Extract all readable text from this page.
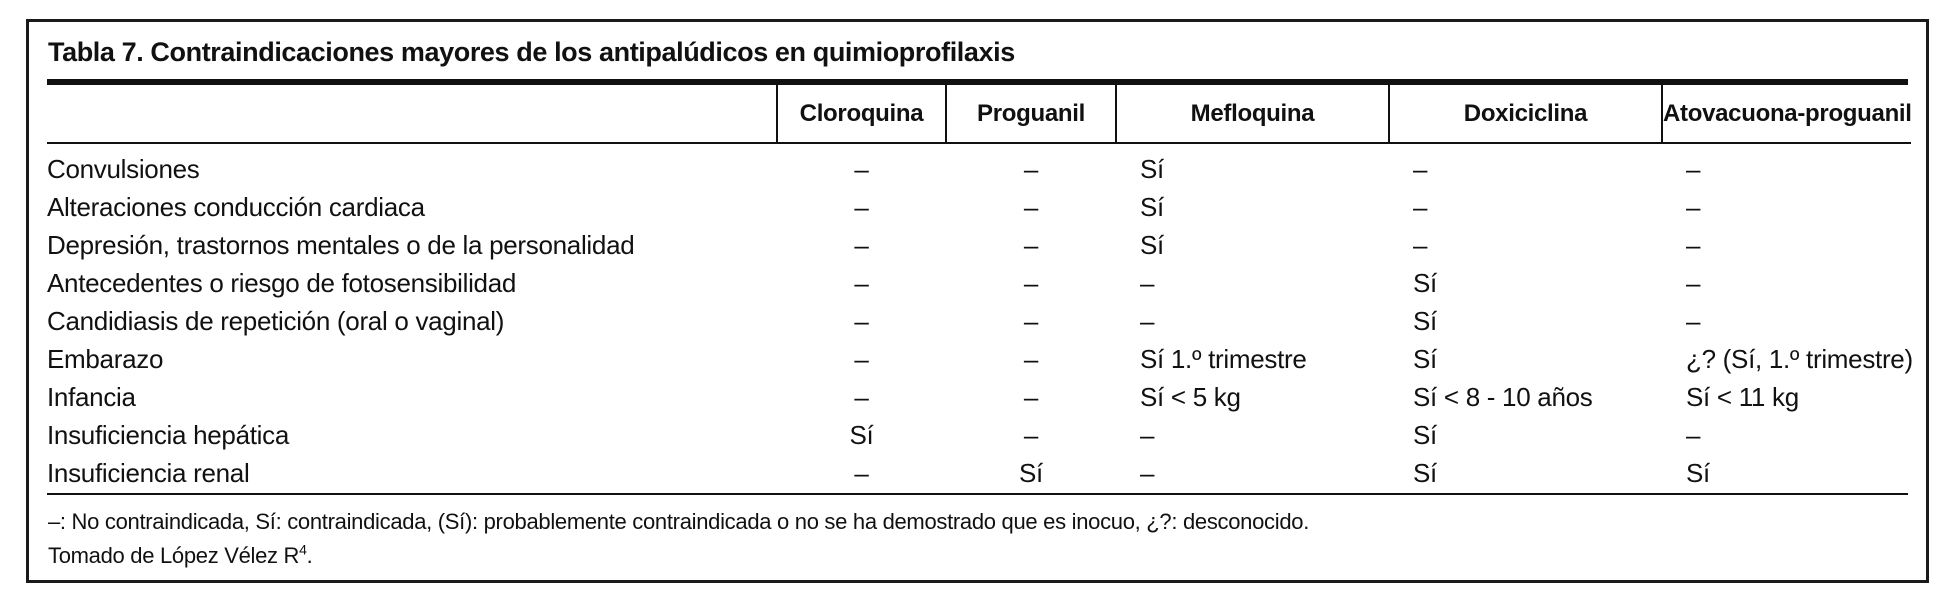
Tabla 7. Contraindicaciones mayores de los antipalúdicos en quimioprofilaxis
	Cloroquina	Proguanil	Mefloquina	Doxiciclina	Atovacuona-proguanil
Convulsiones	–	–	Sí	–	–
Alteraciones conducción cardiaca	–	–	Sí	–	–
Depresión, trastornos mentales o de la personalidad	–	–	Sí	–	–
Antecedentes o riesgo de fotosensibilidad	–	–	–	Sí	–
Candidiasis de repetición (oral o vaginal)	–	–	–	Sí	–
Embarazo	–	–	Sí 1.º trimestre	Sí	¿? (Sí, 1.º trimestre)
Infancia	–	–	Sí < 5 kg	Sí < 8 - 10 años	Sí < 11 kg
Insuficiencia hepática	Sí	–	–	Sí	–
Insuficiencia renal	–	Sí	–	Sí	Sí
–: No contraindicada, Sí: contraindicada, (Sí): probablemente contraindicada o no se ha demostrado que es inocuo, ¿?: desconocido.
Tomado de López Vélez $R^4$.
